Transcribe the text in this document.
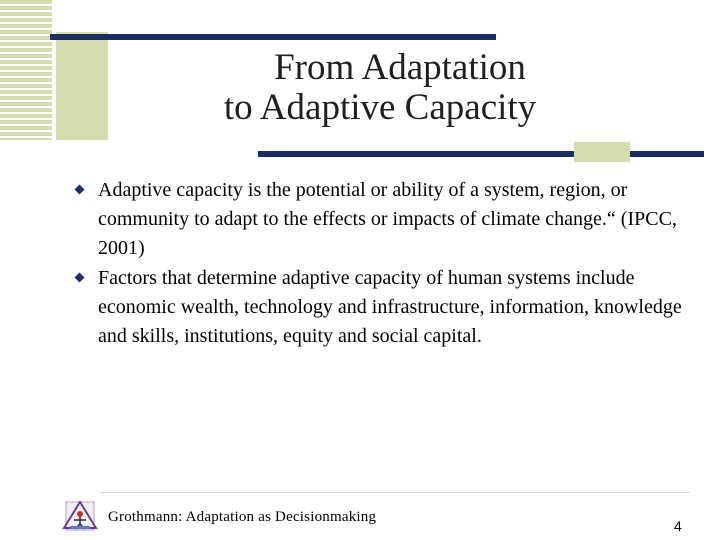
From Adaptation
to Adaptive Capacity
Adaptive capacity is the potential or ability of a system, region, or community to adapt to the effects or impacts of climate change.“ (IPCC, 2001)
Factors that determine adaptive capacity of human systems include economic wealth, technology and infrastructure, information, knowledge and skills, institutions, equity and social capital.
Grothmann: Adaptation as Decisionmaking
4
